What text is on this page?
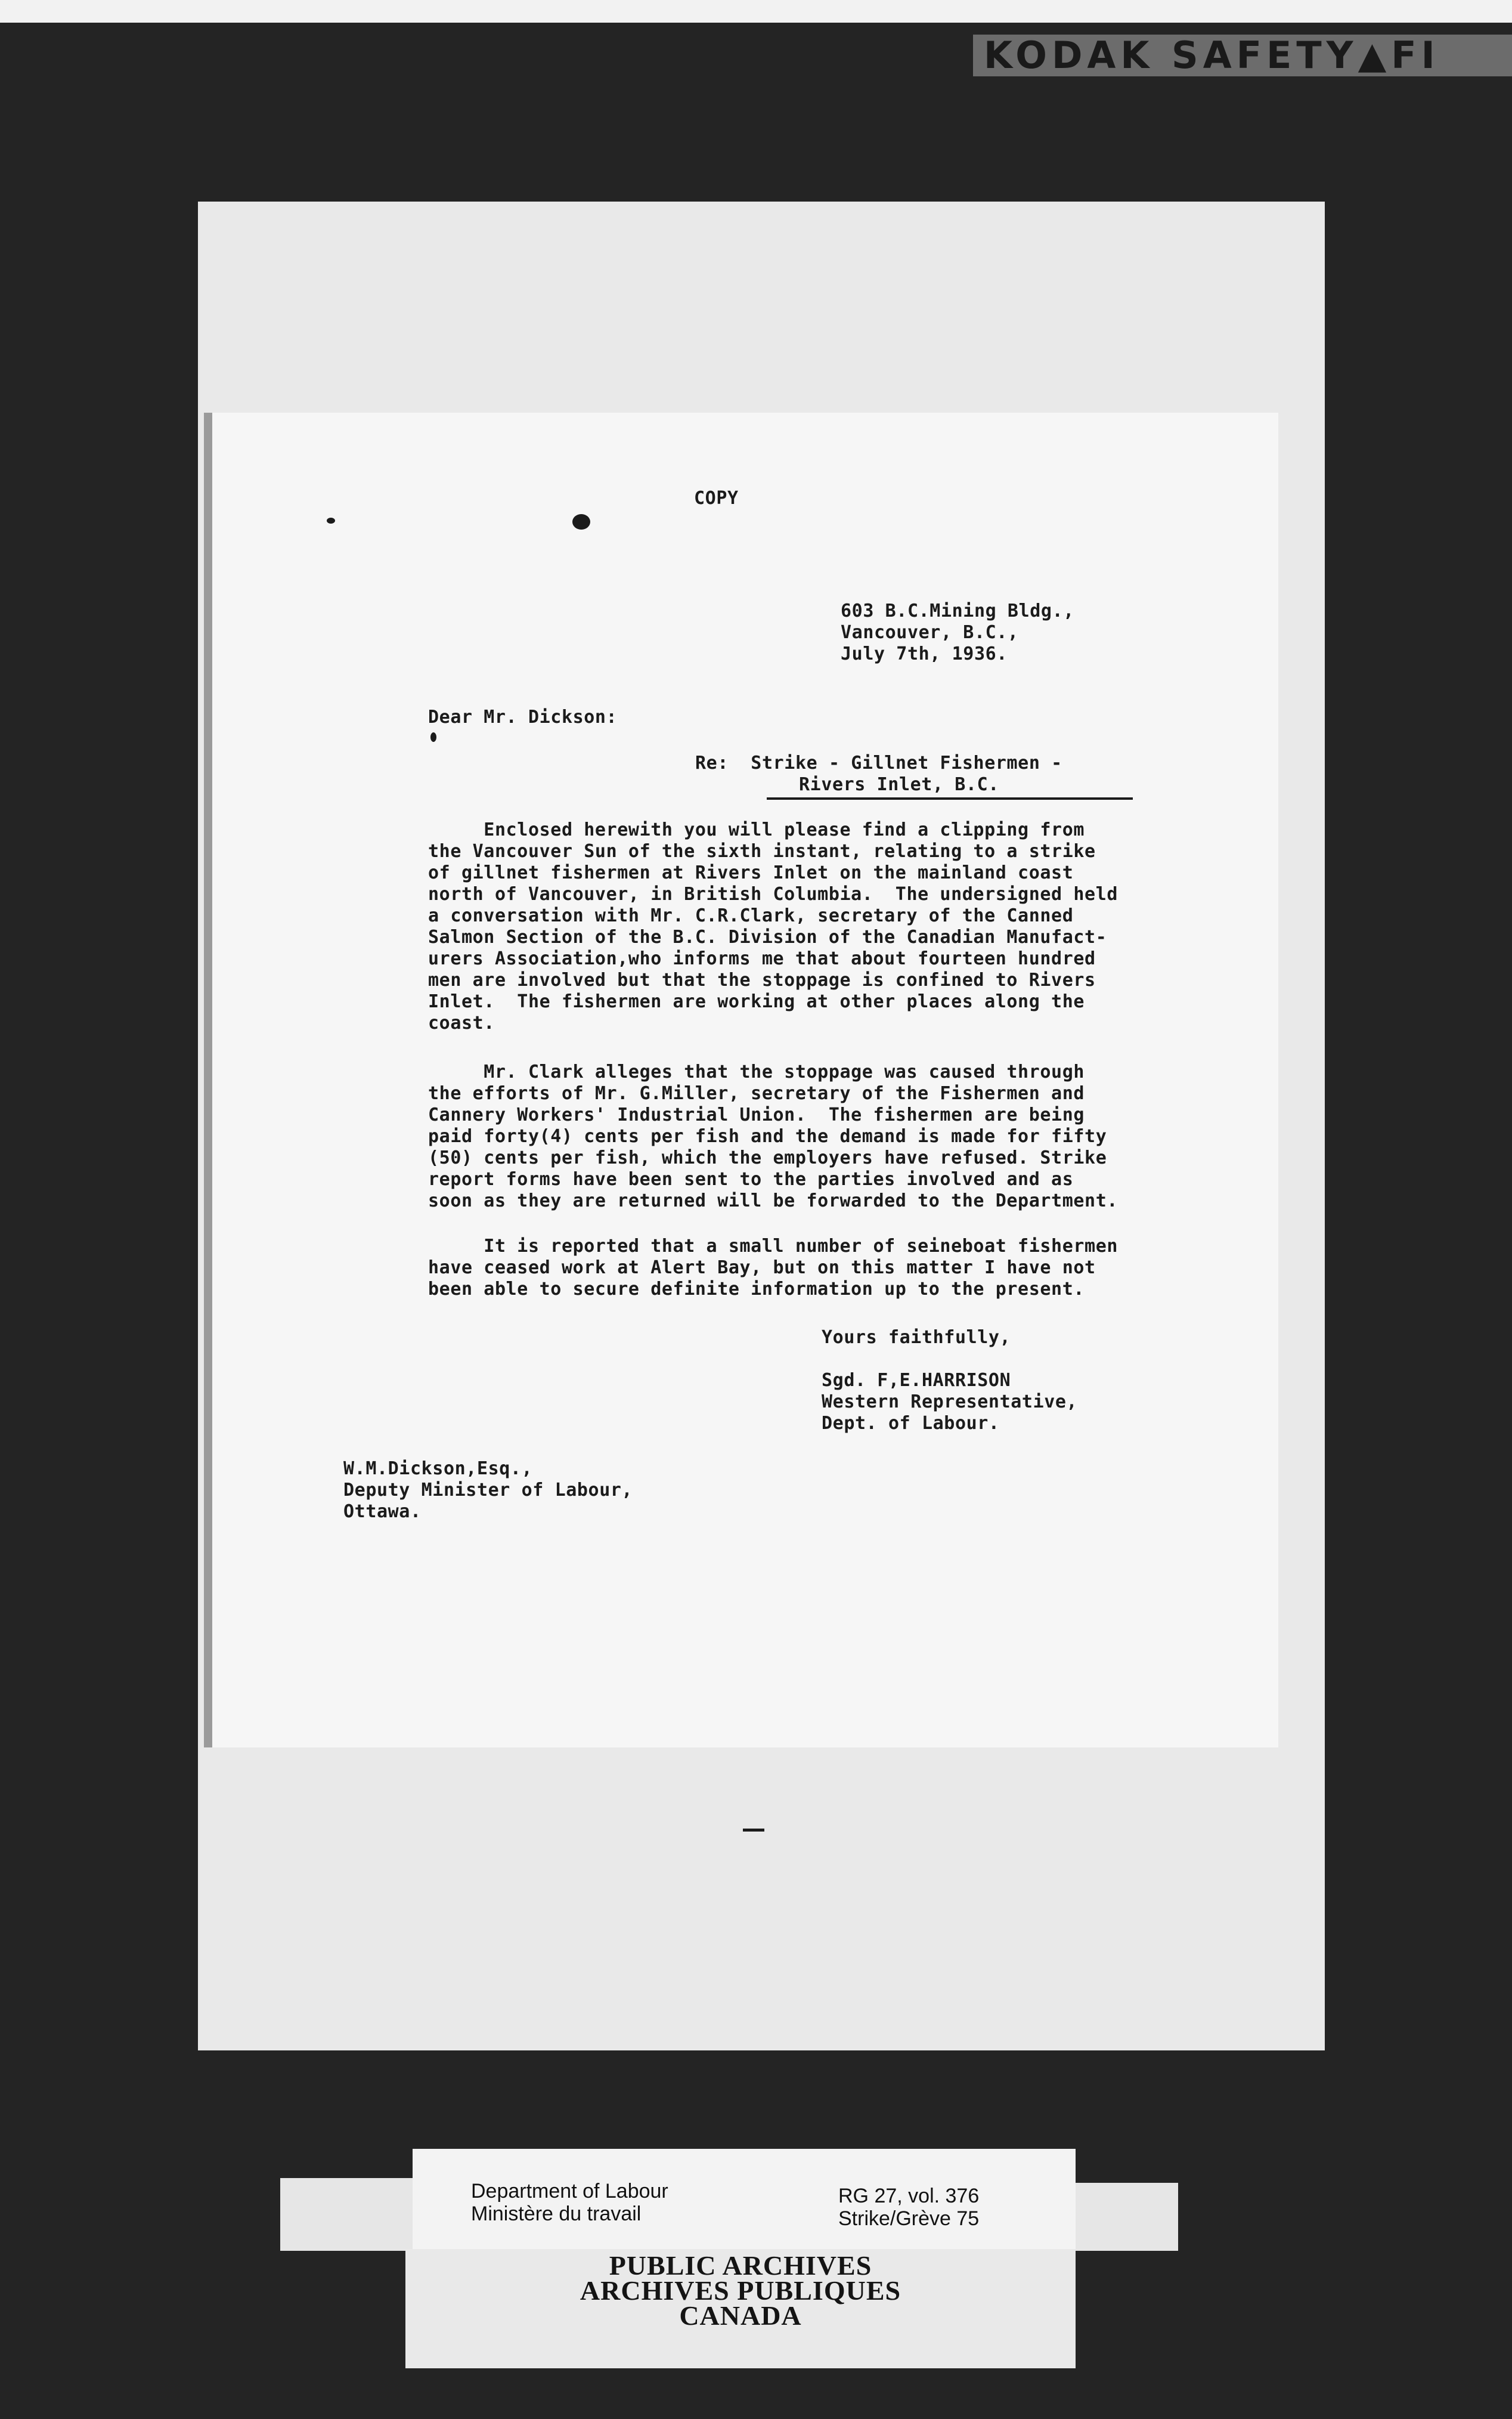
KODAK SAFETY▲FI

COPY

603 B.C.Mining Bldg.,

Vancouver, B.C.,

July 7th, 1936.

Dear Mr. Dickson:

Re:  Strike - Gillnet Fishermen -

Rivers Inlet, B.C.

Enclosed herewith you will please find a clipping from

the Vancouver Sun of the sixth instant, relating to a strike

of gillnet fishermen at Rivers Inlet on the mainland coast

north of Vancouver, in British Columbia.  The undersigned held

a conversation with Mr. C.R.Clark, secretary of the Canned

Salmon Section of the B.C. Division of the Canadian Manufact-

urers Association,who informs me that about fourteen hundred

men are involved but that the stoppage is confined to Rivers

Inlet.  The fishermen are working at other places along the

coast.

Mr. Clark alleges that the stoppage was caused through

the efforts of Mr. G.Miller, secretary of the Fishermen and

Cannery Workers' Industrial Union.  The fishermen are being

paid forty(4) cents per fish and the demand is made for fifty

(50) cents per fish, which the employers have refused. Strike

report forms have been sent to the parties involved and as

soon as they are returned will be forwarded to the Department.

It is reported that a small number of seineboat fishermen

have ceased work at Alert Bay, but on this matter I have not

been able to secure definite information up to the present.

Yours faithfully,

Sgd. F,E.HARRISON

Western Representative,

Dept. of Labour.

W.M.Dickson,Esq.,

Deputy Minister of Labour,

Ottawa.

Department of Labour

Ministère du travail

RG 27, vol. 376

Strike/Grève 75

PUBLIC ARCHIVES
ARCHIVES PUBLIQUES
CANADA
